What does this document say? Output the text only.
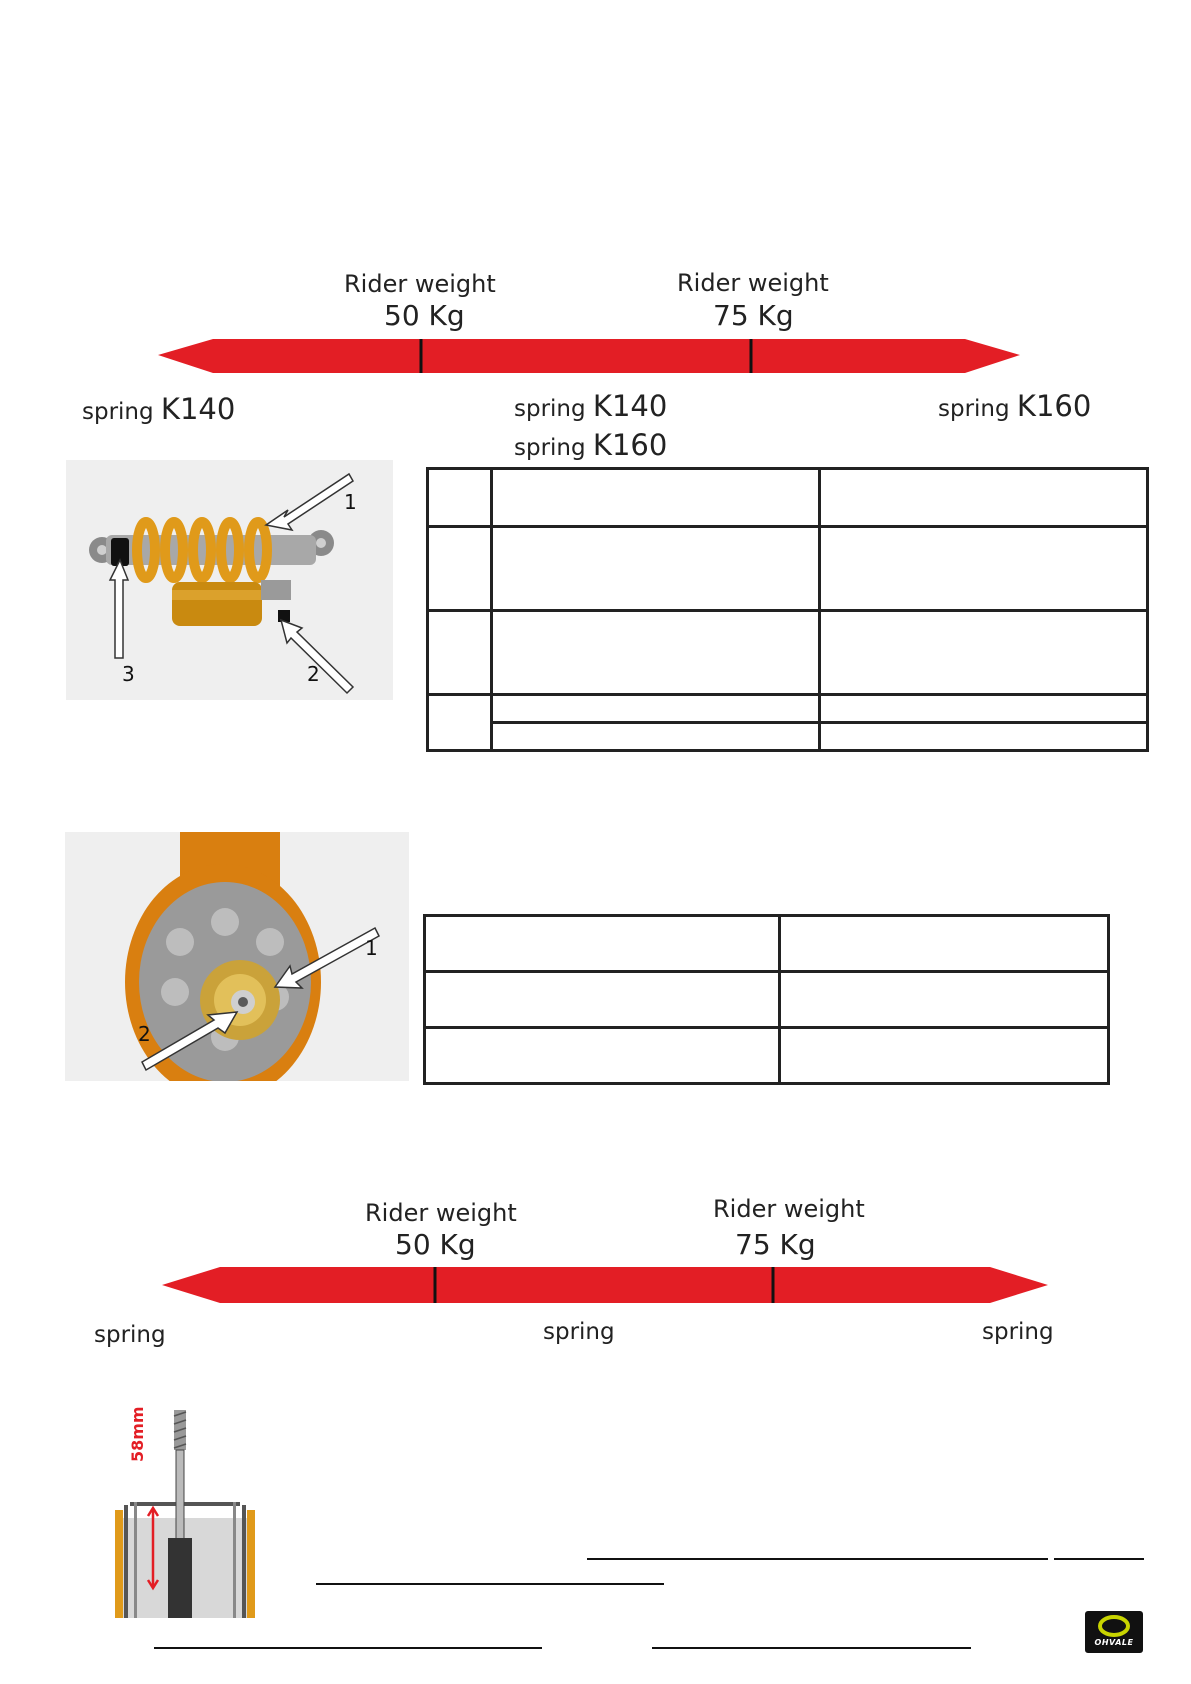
Rider weight
50 Kg
Rider weight
75 Kg
spring K140	spring K140
spring K160
spring K160
1
3	2

1
2

Rider weight
50 Kg
Rider weight
75 Kg
spring	spring	spring
58mm
OHVALE
